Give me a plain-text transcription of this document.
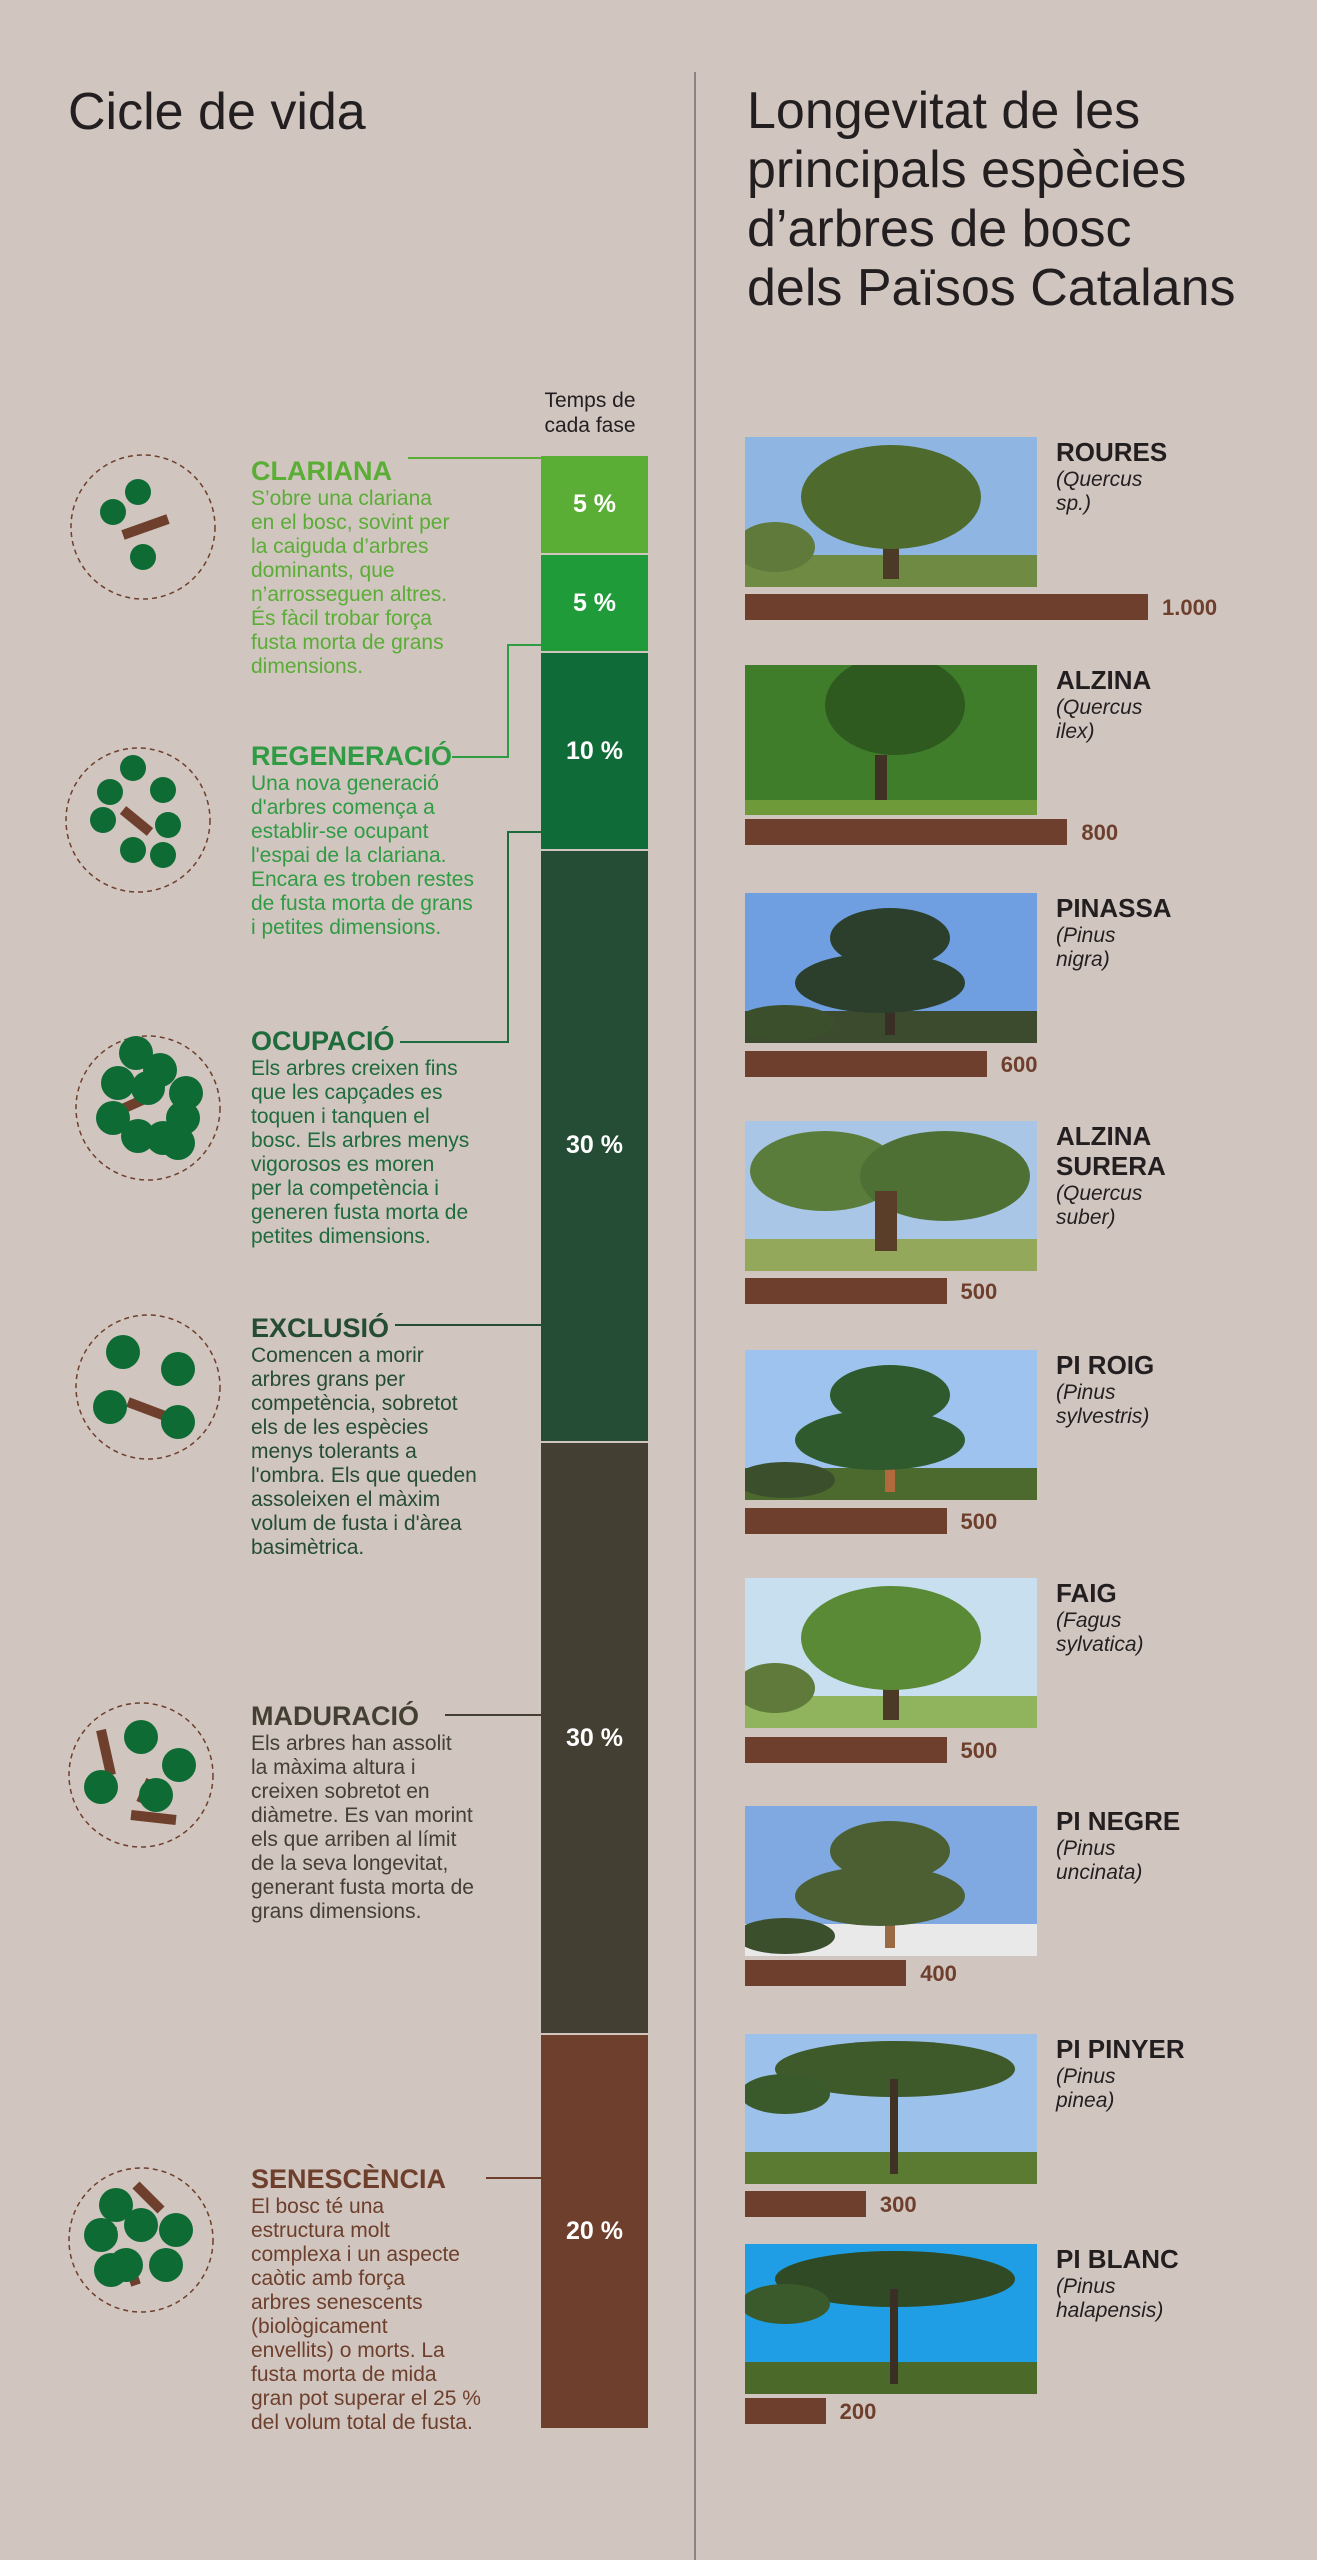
Cicle de vida	Longevitat de les
principals espècies
d’arbres de bosc
dels Països Catalans
Temps de
cada fase
5 %
5 %
10 %
30 %
30 %
20 %
CLARIANA
S’obre una clariana
en el bosc, sovint per
la caiguda d’arbres
dominants, que
n’arrosseguen altres.
És fàcil trobar força
fusta morta de grans
dimensions.
REGENERACIÓ
Una nova generació
d'arbres comença a
establir-se ocupant
l'espai de la clariana.
Encara es troben restes
de fusta morta de grans
i petites dimensions.
OCUPACIÓ
Els arbres creixen fins
que les capçades es
toquen i tanquen el
bosc. Els arbres menys
vigorosos es moren
per la competència i
generen fusta morta de
petites dimensions.
EXCLUSIÓ
Comencen a morir
arbres grans per
competència, sobretot
els de les espècies
menys tolerants a
l'ombra. Els que queden
assoleixen el màxim
volum de fusta i d'àrea
basimètrica.
MADURACIÓ
Els arbres han assolit
la màxima altura i
creixen sobretot en
diàmetre. Es van morint
els que arriben al límit
de la seva longevitat,
generant fusta morta de
grans dimensions.
SENESCÈNCIA
El bosc té una
estructura molt
complexa i un aspecte
caòtic amb força
arbres senescents
(biològicament
envellits) o morts. La
fusta morta de mida
gran pot superar el 25 %
del volum total de fusta.
ROURES
(Quercus sp.)
1.000
ALZINA
(Quercus ilex)
800
PINASSA
(Pinus nigra)
600
ALZINA
SURERA
(Quercus suber)
500
PI ROIG
(Pinus sylvestris)
500
FAIG
(Fagus sylvatica)
500
PI NEGRE
(Pinus uncinata)
400
PI PINYER
(Pinus pinea)
300
PI BLANC
(Pinus halapensis)
200
